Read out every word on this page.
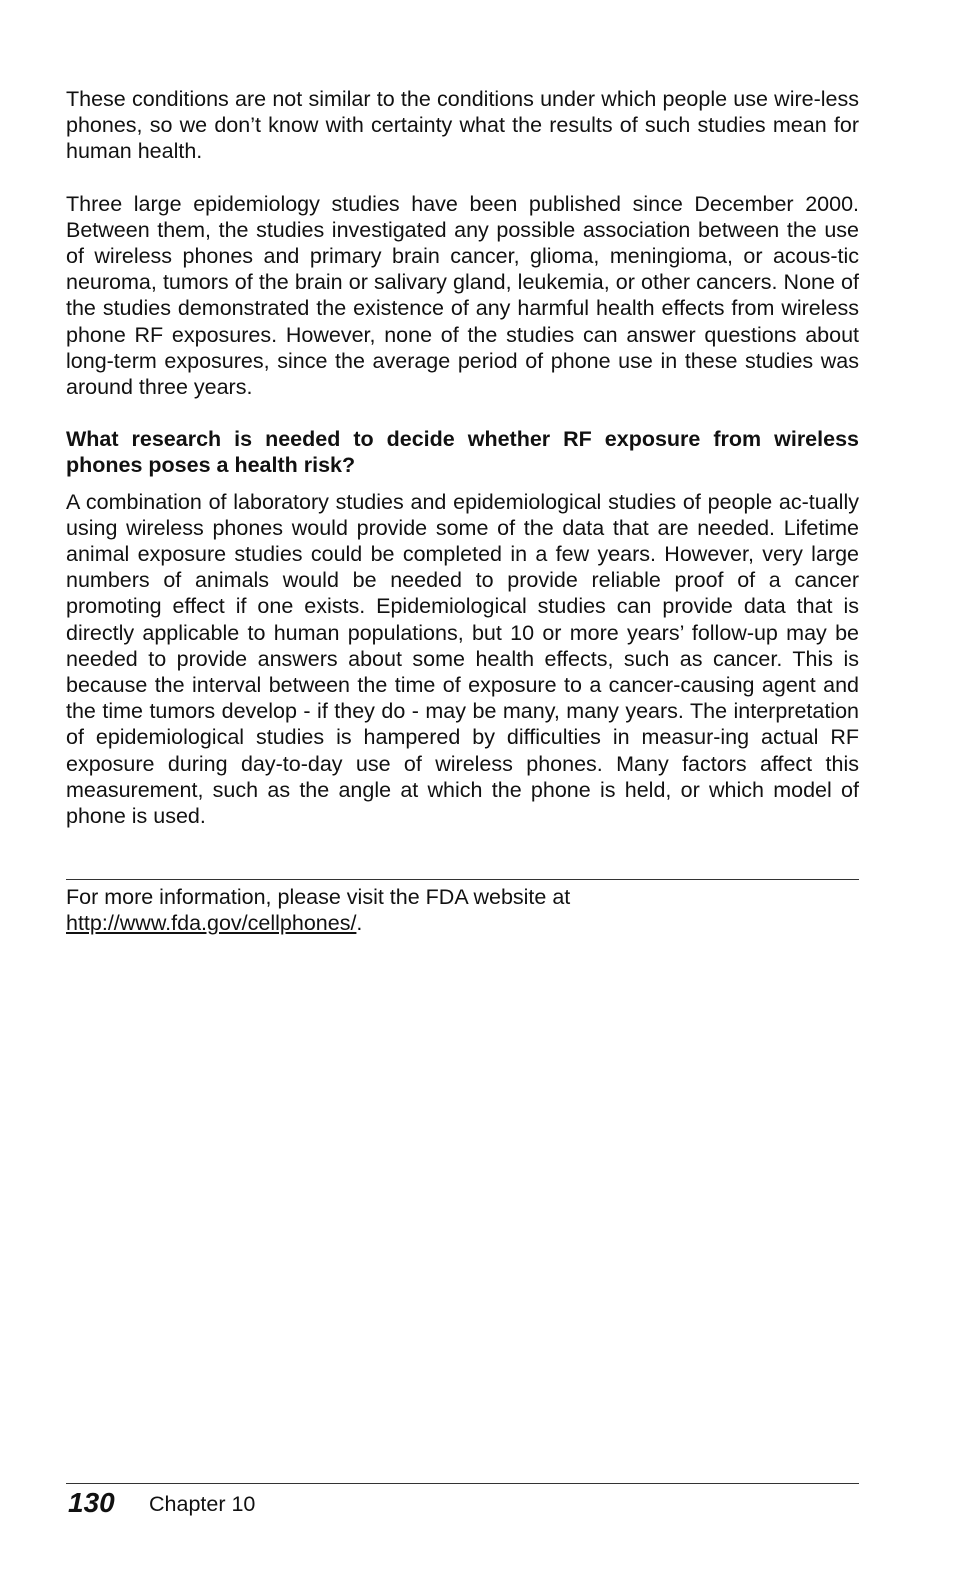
These conditions are not similar to the conditions under which people use wire-less phones, so we don’t know with certainty what the results of such studies mean for human health.

Three large epidemiology studies have been published since December 2000. Between them, the studies investigated any possible association between the use of wireless phones and primary brain cancer, glioma, meningioma, or acous-tic neuroma, tumors of the brain or salivary gland, leukemia, or other cancers. None of the studies demonstrated the existence of any harmful health effects from wireless phone RF exposures. However, none of the studies can answer questions about long-term exposures, since the average period of phone use in these studies was around three years.

What research is needed to decide whether RF exposure from wireless phones poses a health risk?

A combination of laboratory studies and epidemiological studies of people ac-tually using wireless phones would provide some of the data that are needed. Lifetime animal exposure studies could be completed in a few years. However, very large numbers of animals would be needed to provide reliable proof of a cancer promoting effect if one exists. Epidemiological studies can provide data that is directly applicable to human populations, but 10 or more years’ follow-up may be needed to provide answers about some health effects, such as cancer. This is because the interval between the time of exposure to a cancer-causing agent and the time tumors develop - if they do - may be many, many years. The interpretation of epidemiological studies is hampered by difficulties in measur-ing actual RF exposure during day-to-day use of wireless phones. Many factors affect this measurement, such as the angle at which the phone is held, or which model of phone is used.

For more information, please visit the FDA website at
http://www.fda.gov/cellphones/.
130 Chapter 10
